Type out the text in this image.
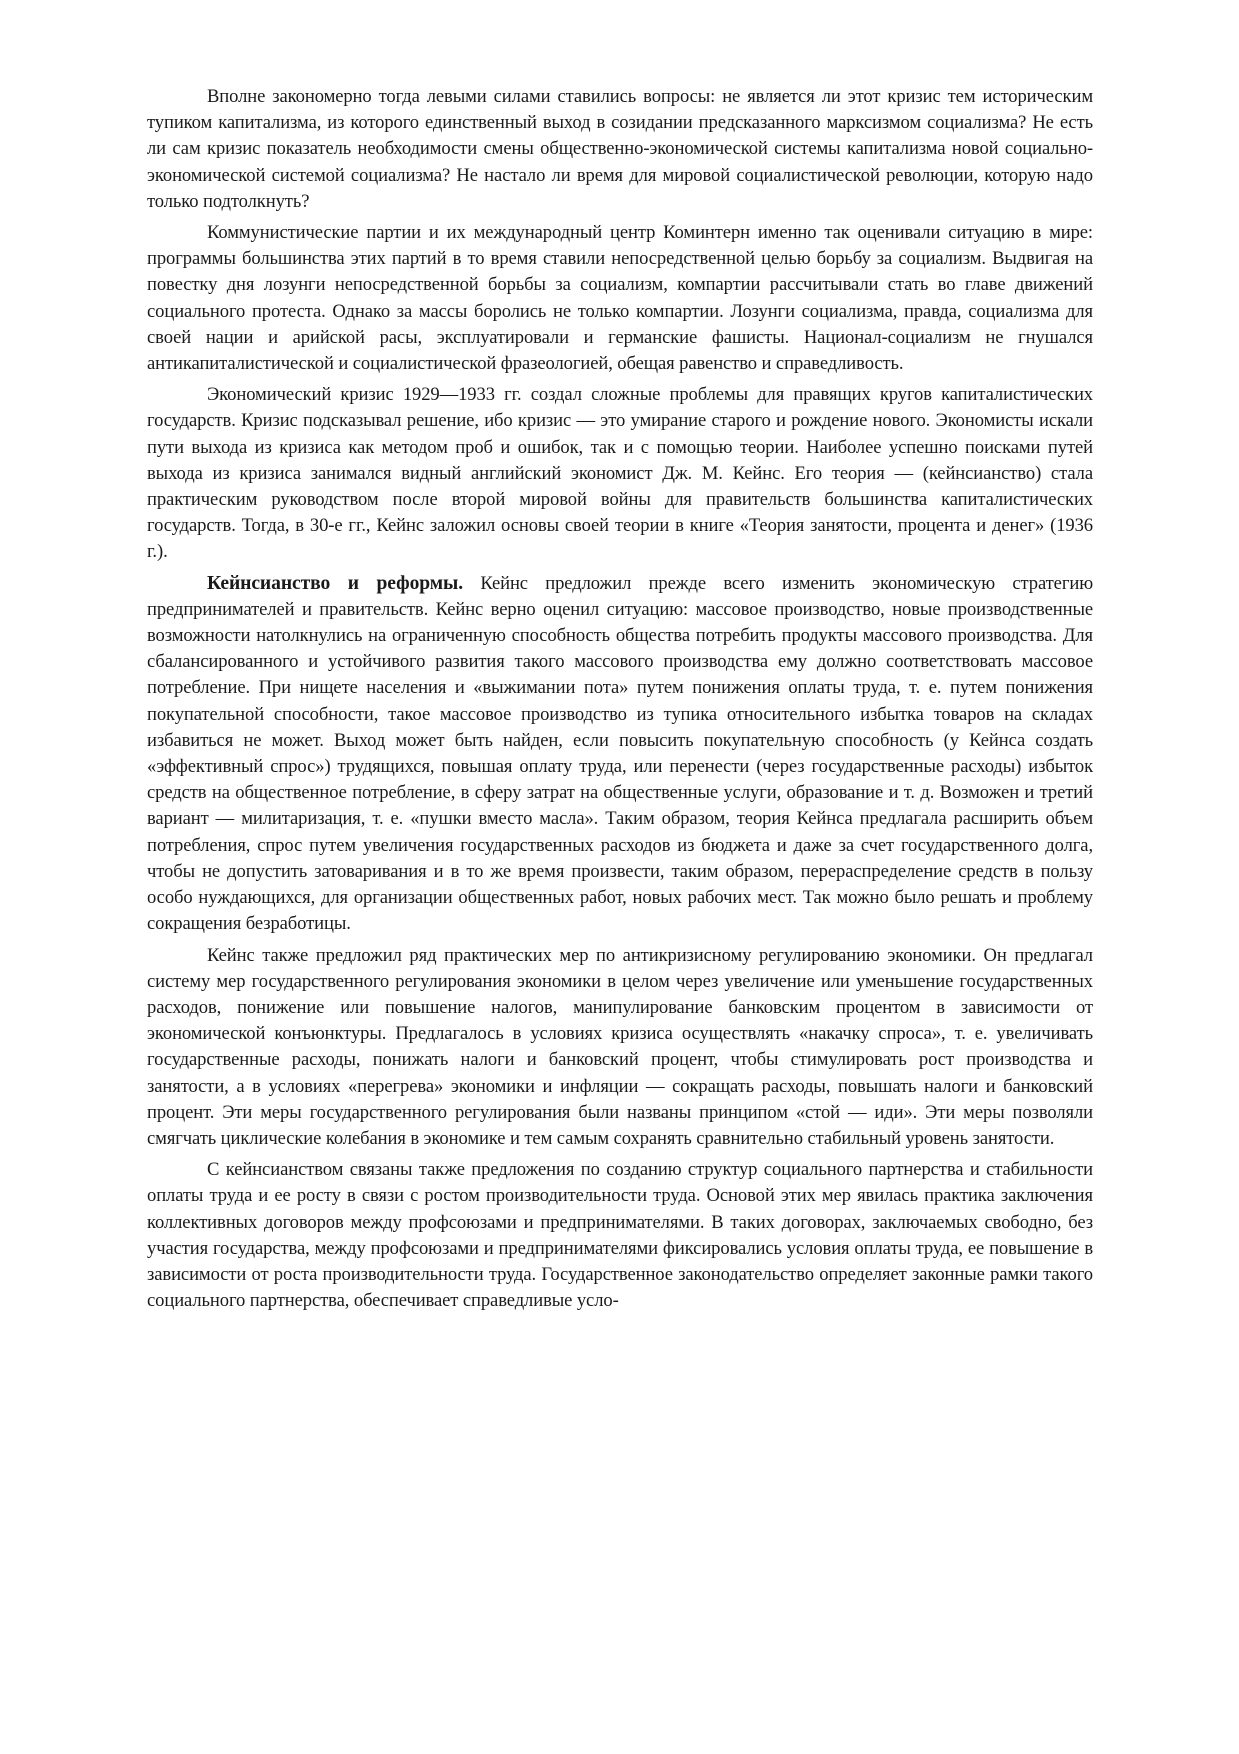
Вполне закономерно тогда левыми силами ставились вопросы: не является ли этот кризис тем историческим тупиком капитализма, из которого единственный выход в созидании предсказанного марксизмом социализма? Не есть ли сам кризис показатель необходимости смены общественно-экономической системы капитализма новой социально-экономической системой социализма? Не настало ли время для мировой социалистической революции, которую надо только подтолкнуть?

Коммунистические партии и их международный центр Коминтерн именно так оценивали ситуацию в мире: программы большинства этих партий в то время ставили непосредственной целью борьбу за социализм. Выдвигая на повестку дня лозунги непосредственной борьбы за социализм, компартии рассчитывали стать во главе движений социального протеста. Однако за массы боролись не только компартии. Лозунги социализма, правда, социализма для своей нации и арийской расы, эксплуатировали и германские фашисты. Национал-социализм не гнушался антикапиталистической и социалистической фразеологией, обещая равенство и справедливость.

Экономический кризис 1929—1933 гг. создал сложные проблемы для правящих кругов капиталистических государств. Кризис подсказывал решение, ибо кризис — это умирание старого и рождение нового. Экономисты искали пути выхода из кризиса как методом проб и ошибок, так и с помощью теории. Наиболее успешно поисками путей выхода из кризиса занимался видный английский экономист Дж. М. Кейнс. Его теория — (кейнсианство) стала практическим руководством после второй мировой войны для правительств большинства капиталистических государств. Тогда, в 30-е гг., Кейнс заложил основы своей теории в книге «Теория занятости, процента и денег» (1936 г.).

Кейнсианство и реформы. Кейнс предложил прежде всего изменить экономическую стратегию предпринимателей и правительств. Кейнс верно оценил ситуацию: массовое производство, новые производственные возможности натолкнулись на ограниченную способность общества потребить продукты массового производства. Для сбалансированного и устойчивого развития такого массового производства ему должно соответствовать массовое потребление. При нищете населения и «выжимании пота» путем понижения оплаты труда, т. е. путем понижения покупательной способности, такое массовое производство из тупика относительного избытка товаров на складах избавиться не может. Выход может быть найден, если повысить покупательную способность (у Кейнса создать «эффективный спрос») трудящихся, повышая оплату труда, или перенести (через государственные расходы) избыток средств на общественное потребление, в сферу затрат на общественные услуги, образование и т. д. Возможен и третий вариант — милитаризация, т. е. «пушки вместо масла». Таким образом, теория Кейнса предлагала расширить объем потребления, спрос путем увеличения государственных расходов из бюджета и даже за счет государственного долга, чтобы не допустить затоваривания и в то же время произвести, таким образом, перераспределение средств в пользу особо нуждающихся, для организации общественных работ, новых рабочих мест. Так можно было решать и проблему сокращения безработицы.

Кейнс также предложил ряд практических мер по антикризисному регулированию экономики. Он предлагал систему мер государственного регулирования экономики в целом через увеличение или уменьшение государственных расходов, понижение или повышение налогов, манипулирование банковским процентом в зависимости от экономической конъюнктуры. Предлагалось в условиях кризиса осуществлять «накачку спроса», т. е. увеличивать государственные расходы, понижать налоги и банковский процент, чтобы стимулировать рост производства и занятости, а в условиях «перегрева» экономики и инфляции — сокращать расходы, повышать налоги и банковский процент. Эти меры государственного регулирования были названы принципом «стой — иди». Эти меры позволяли смягчать циклические колебания в экономике и тем самым сохранять сравнительно стабильный уровень занятости.

С кейнсианством связаны также предложения по созданию структур социального партнерства и стабильности оплаты труда и ее росту в связи с ростом производительности труда. Основой этих мер явилась практика заключения коллективных договоров между профсоюзами и предпринимателями. В таких договорах, заключаемых свободно, без участия государства, между профсоюзами и предпринимателями фиксировались условия оплаты труда, ее повышение в зависимости от роста производительности труда. Государственное законодательство определяет законные рамки такого социального партнерства, обеспечивает справедливые усло-
